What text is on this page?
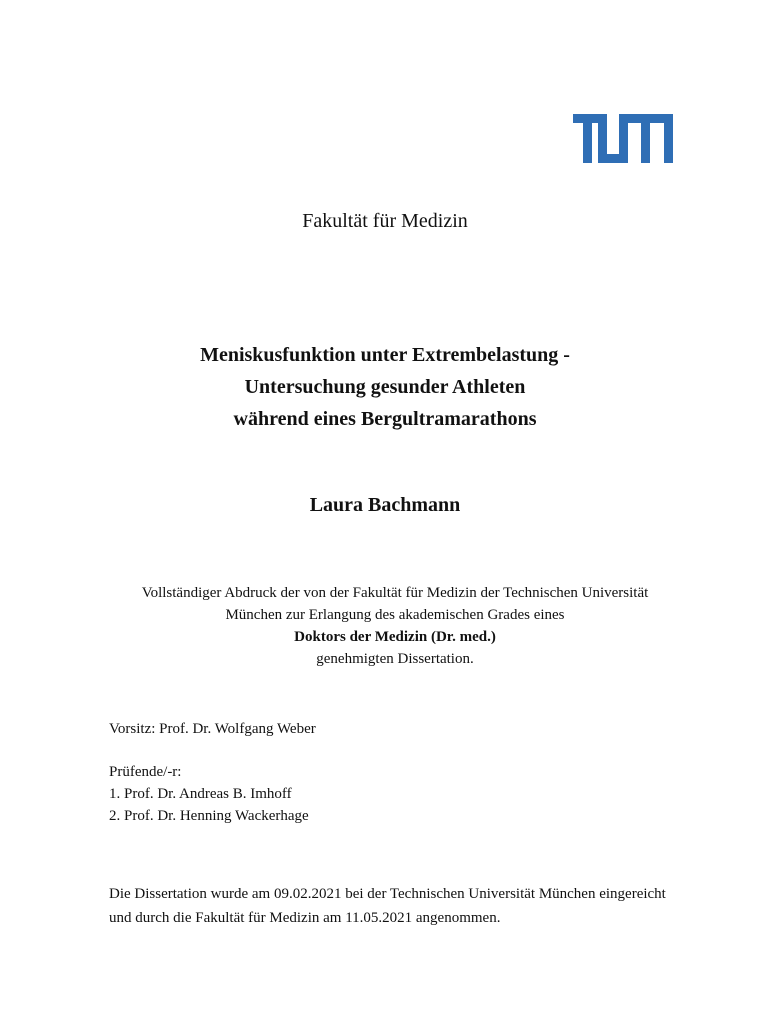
Fakultät für Medizin
Meniskusfunktion unter Extrembelastung -
Untersuchung gesunder Athleten
während eines Bergultramarathons
Laura Bachmann
Vollständiger Abdruck der von der Fakultät für Medizin der Technischen Universität
München zur Erlangung des akademischen Grades eines
Doktors der Medizin (Dr. med.)
genehmigten Dissertation.
Vorsitz: Prof. Dr. Wolfgang Weber
Prüfende/-r:
1. Prof. Dr. Andreas B. Imhoff
2. Prof. Dr. Henning Wackerhage
Die Dissertation wurde am 09.02.2021 bei der Technischen Universität München eingereicht
und durch die Fakultät für Medizin am 11.05.2021 angenommen.
